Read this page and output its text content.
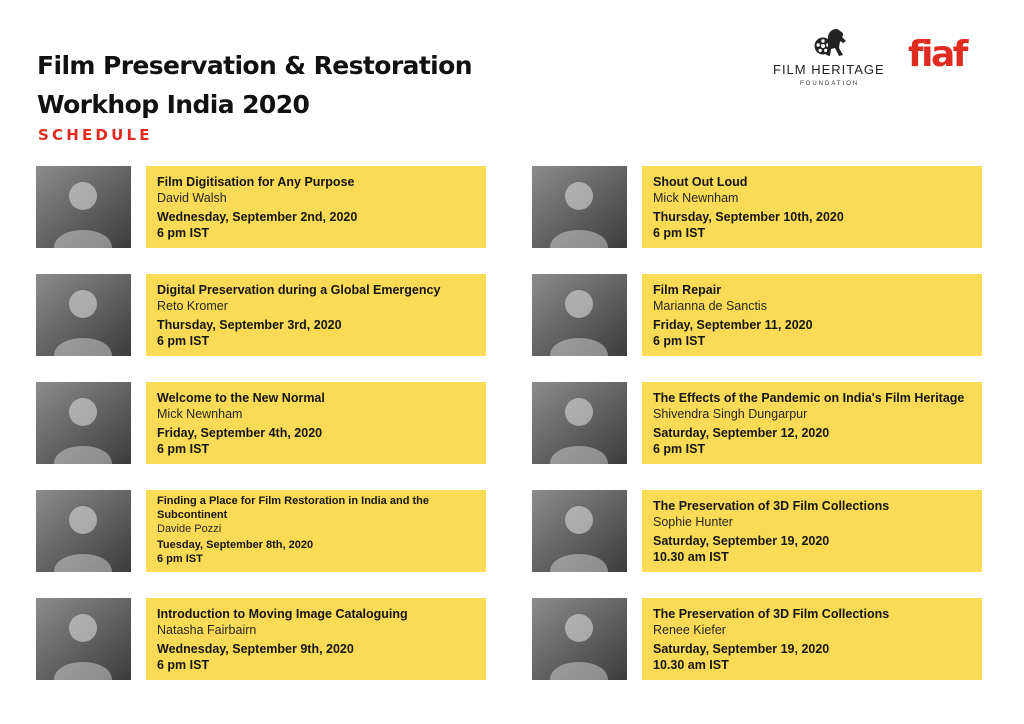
Film Preservation & Restoration
Workhop India 2020
SCHEDULE
FILM HERITAGE
FOUNDATION
fiaf
Film Digitisation for Any Purpose
David Walsh
Wednesday, September 2nd, 2020
6 pm IST
Digital Preservation during a Global Emergency
Reto Kromer
Thursday, September 3rd, 2020
6 pm IST
Welcome to the New Normal
Mick Newnham
Friday, September 4th, 2020
6 pm IST
Finding a Place for Film Restoration in India and the Subcontinent
Davide Pozzi
Tuesday, September 8th, 2020
6 pm IST
Introduction to Moving Image Cataloguing
Natasha Fairbairn
Wednesday, September 9th, 2020
6 pm IST
Shout Out Loud
Mick Newnham
Thursday, September 10th, 2020
6 pm IST
Film Repair
Marianna de Sanctis
Friday, September 11, 2020
6 pm IST
The Effects of the Pandemic on India's Film Heritage
Shivendra Singh Dungarpur
Saturday, September 12, 2020
6 pm IST
The Preservation of 3D Film Collections
Sophie Hunter
Saturday, September 19, 2020
10.30 am IST
The Preservation of 3D Film Collections
Renee Kiefer
Saturday, September 19, 2020
10.30 am IST
